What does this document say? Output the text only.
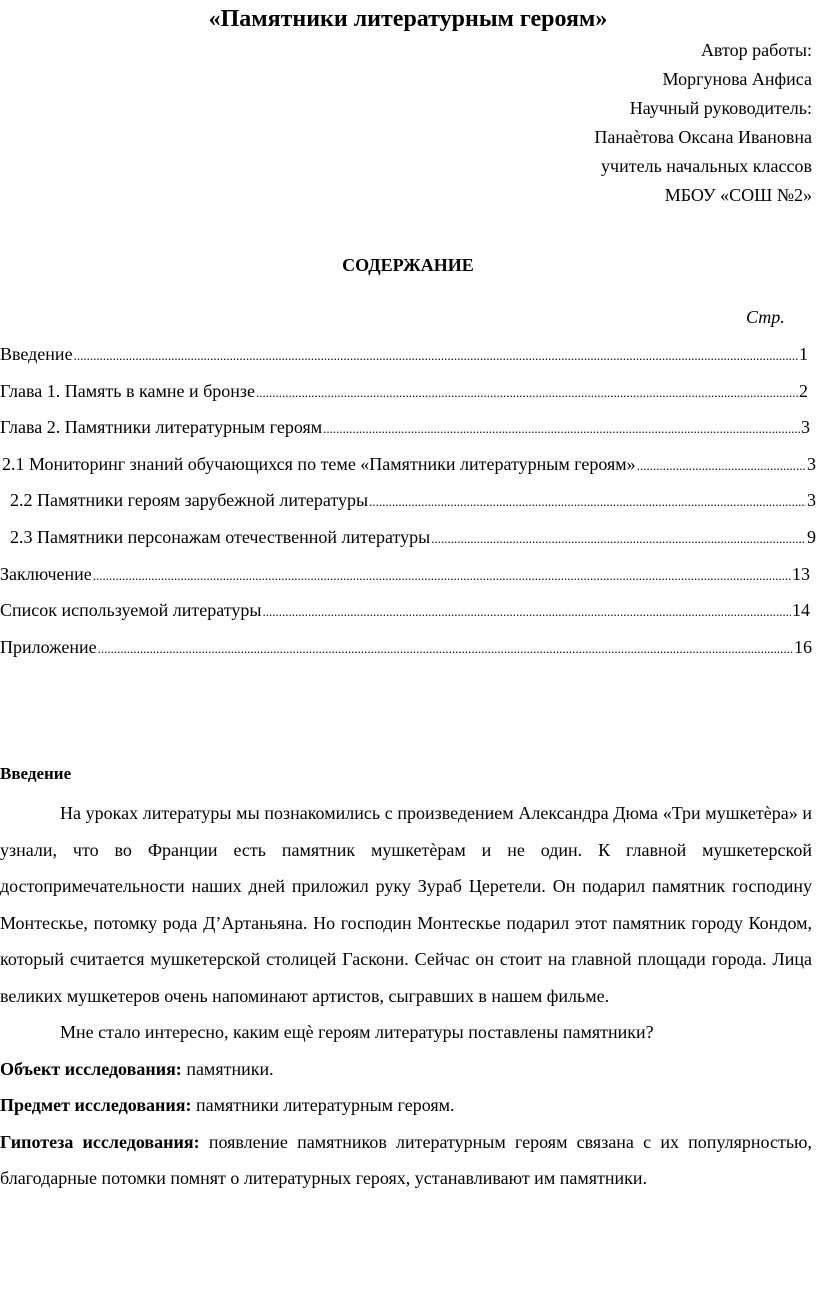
«Памятники литературным героям»
Автор работы:
Моргунова Анфиса
Научный руководитель:
Панаѐтова Оксана Ивановна
учитель начальных классов
МБОУ «СОШ №2»
СОДЕРЖАНИЕ
Стр.
Введение .....	1
Глава 1. Память в камне и бронзе .....	2
Глава 2. Памятники литературным героям .....	3
2.1 Мониторинг знаний обучающихся по теме «Памятники литературным героям» .....	3
2.2 Памятники героям зарубежной литературы .....	3
2.3 Памятники персонажам отечественной литературы .....	9
Заключение .....	13
Список используемой литературы .....	14
Приложение .....	16
Введение

На уроках литературы мы познакомились с произведением Александра Дюма «Три мушкетѐра» и узнали, что во Франции есть памятник мушкетѐрам и не один. К главной мушкетерской достопримечательности наших дней приложил руку Зураб Церетели. Он подарил памятник господину Монтескье, потомку рода Д’Артаньяна. Но господин Монтескье подарил этот памятник городу Кондом, который считается мушкетерской столицей Гаскони. Сейчас он стоит на главной площади города. Лица великих мушкетеров очень напоминают артистов, сыгравших в нашем фильме.

Мне стало интересно, каким ещѐ героям литературы поставлены памятники?

Объект исследования: памятники.

Предмет исследования: памятники литературным героям.

Гипотеза исследования: появление памятников литературным героям связана с их популярностью, благодарные потомки помнят о литературных героях, устанавливают им памятники.
